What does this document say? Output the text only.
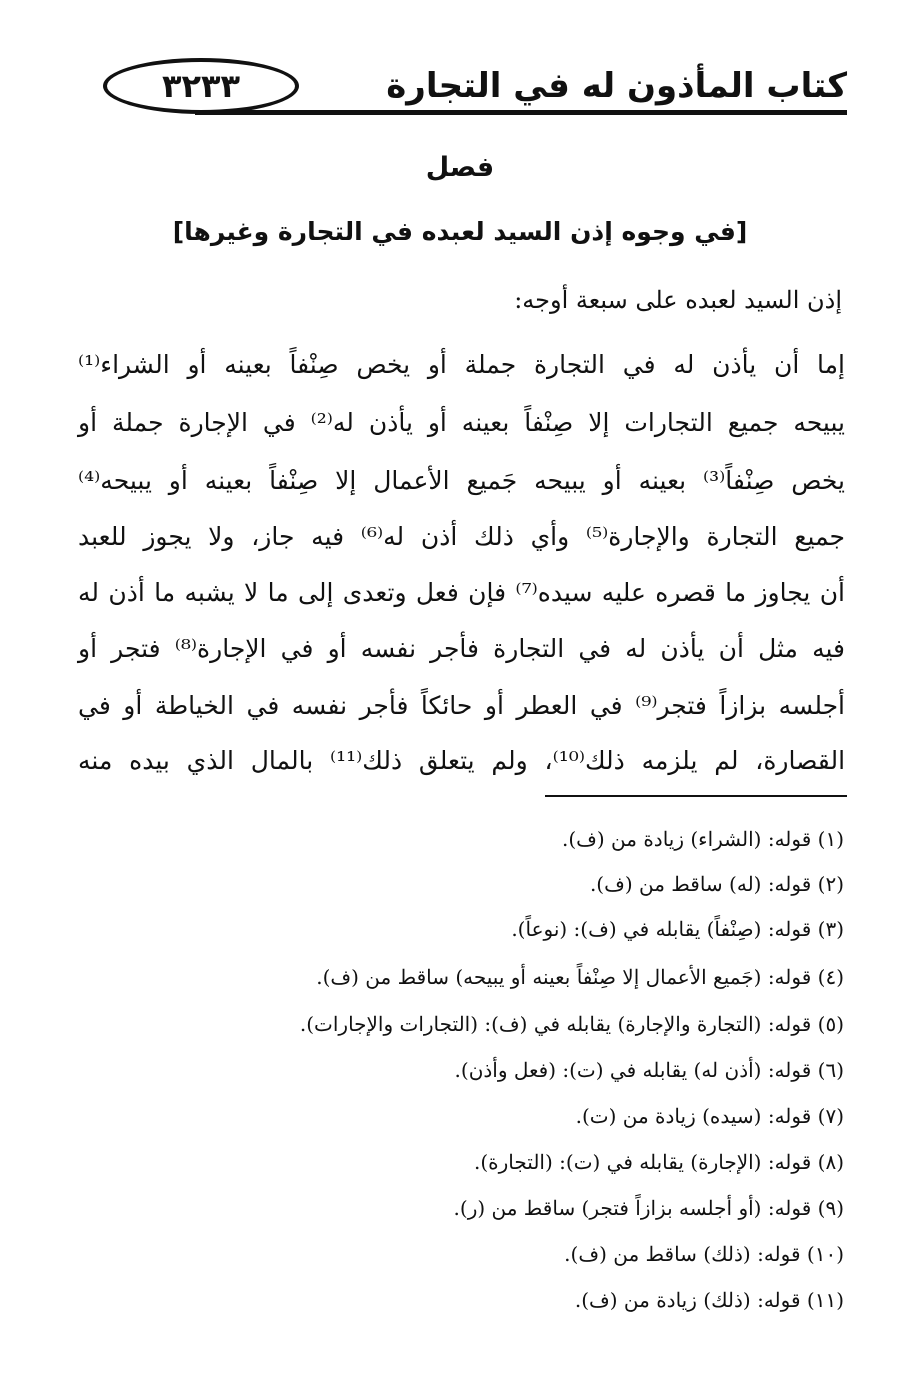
كتاب المأذون له في التجارة
٣٢٣٣
فصل
[في وجوه إذن السيد لعبده في التجارة وغيرها]
إذن السيد لعبده على سبعة أوجه:
إما أن يأذن له في التجارة جملة أو يخص صِنْفاً بعينه أو الشراء⁽¹⁾
يبيحه جميع التجارات إلا صِنْفاً بعينه أو يأذن له⁽²⁾ في الإجارة جملة أو
يخص صِنْفاً⁽³⁾ بعينه أو يبيحه جَميع الأعمال إلا صِنْفاً بعينه أو يبيحه⁽⁴⁾
جميع التجارة والإجارة⁽⁵⁾ وأي ذلك أذن له⁽⁶⁾ فيه جاز، ولا يجوز للعبد
أن يجاوز ما قصره عليه سيده⁽⁷⁾ فإن فعل وتعدى إلى ما لا يشبه ما أذن له
فيه مثل أن يأذن له في التجارة فأجر نفسه أو في الإجارة⁽⁸⁾ فتجر أو
أجلسه بزازاً فتجر⁽⁹⁾ في العطر أو حائكاً فأجر نفسه في الخياطة أو في
القصارة، لم يلزمه ذلك⁽¹⁰⁾، ولم يتعلق ذلك⁽¹¹⁾ بالمال الذي بيده منه
(١) قوله: (الشراء) زيادة من (ف).
(٢) قوله: (له) ساقط من (ف).
(٣) قوله: (صِنْفاً) يقابله في (ف): (نوعاً).
(٤) قوله: (جَميع الأعمال إلا صِنْفاً بعينه أو يبيحه) ساقط من (ف).
(٥) قوله: (التجارة والإجارة) يقابله في (ف): (التجارات والإجارات).
(٦) قوله: (أذن له) يقابله في (ت): (فعل وأذن).
(٧) قوله: (سيده) زيادة من (ت).
(٨) قوله: (الإجارة) يقابله في (ت): (التجارة).
(٩) قوله: (أو أجلسه بزازاً فتجر) ساقط من (ر).
(١٠) قوله: (ذلك) ساقط من (ف).
(١١) قوله: (ذلك) زيادة من (ف).
